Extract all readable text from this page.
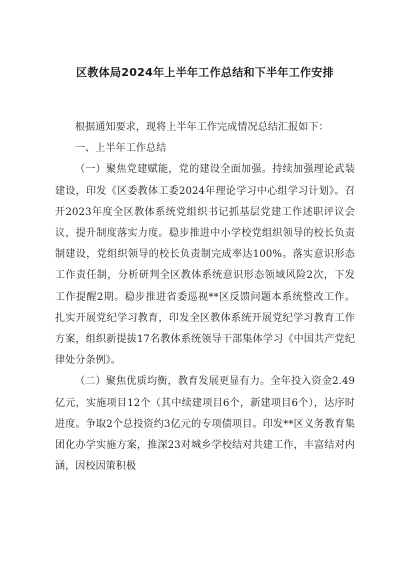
区教体局2024年上半年工作总结和下半年工作安排

根据通知要求，现将上半年工作完成情况总结汇报如下：

一、上半年工作总结

（一）聚焦党建赋能，党的建设全面加强。持续加强理论武装建设，印发《区委教体工委2024年理论学习中心组学习计划》。召开2023年度全区教体系统党组织书记抓基层党建工作述职评议会议，提升制度落实力度。稳步推进中小学校党组织领导的校长负责制建设，党组织领导的校长负责制完成率达100%。落实意识形态工作责任制，分析研判全区教体系统意识形态领域风险2次，下发工作提醒2期。稳步推进省委巡视**区反馈问题本系统整改工作。扎实开展党纪学习教育，印发全区教体系统开展党纪学习教育工作方案，组织新提拔17名教体系统领导干部集体学习《中国共产党纪律处分条例》。

（二）聚焦优质均衡，教育发展更显有力。全年投入资金2.49亿元，实施项目12个（其中续建项目6个，新建项目6个），达序时进度。争取2个总投资约3亿元的专项债项目。印发**区义务教育集团化办学实施方案，推深23对城乡学校结对共建工作，丰富结对内涵，因校因策积极
